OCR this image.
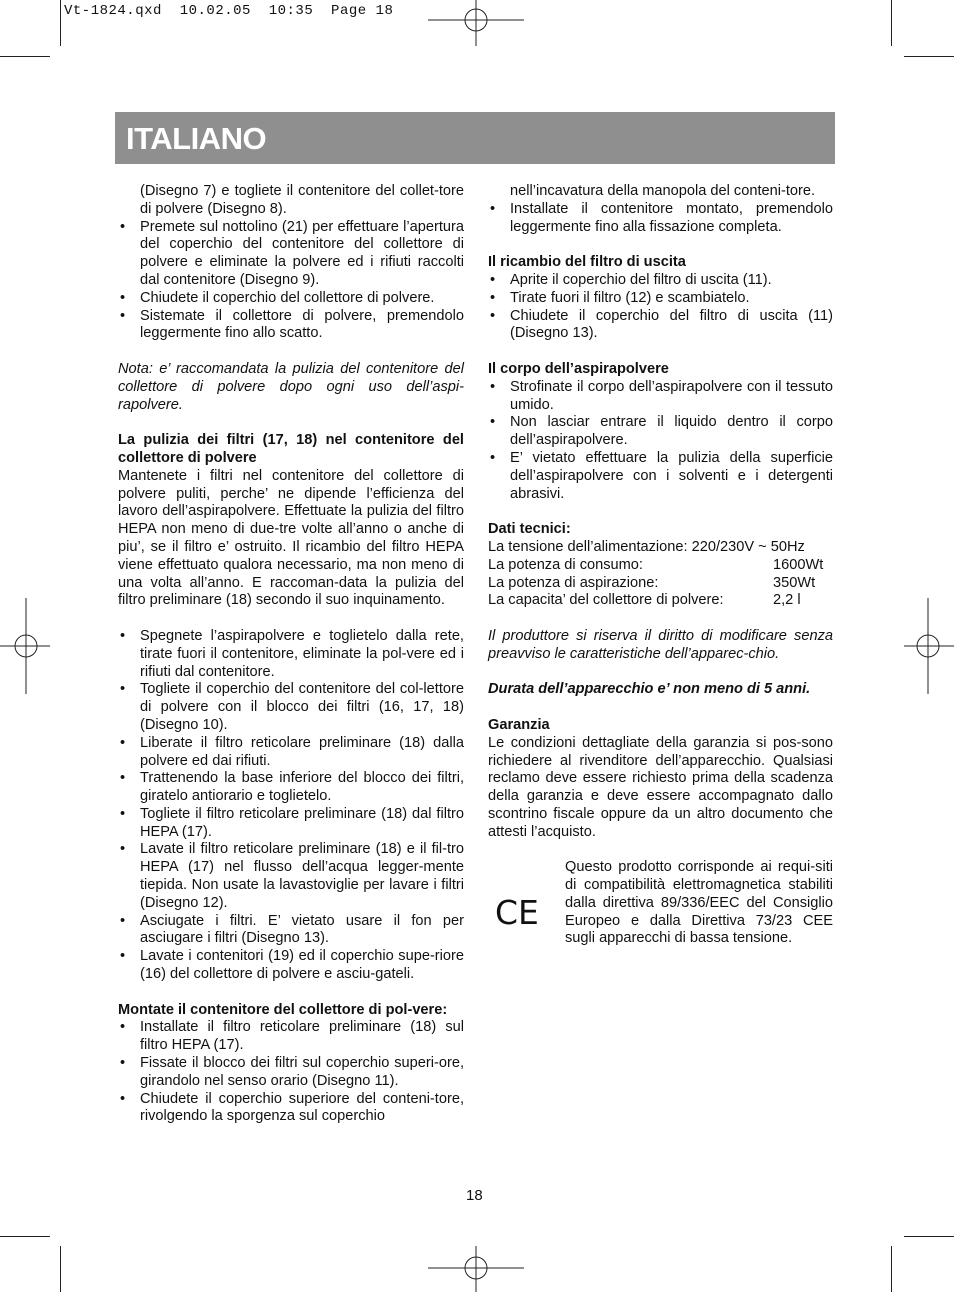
Vt-1824.qxd  10.02.05  10:35  Page 18
ITALIANO

(Disegno 7) e togliete il contenitore del collet-tore di polvere (Disegno 8).

• Premete sul nottolino (21) per effettuare l’apertura del coperchio del contenitore del collettore di polvere e eliminate la polvere ed i rifiuti raccolti dal contenitore (Disegno 9).

• Chiudete il coperchio del collettore di polvere.

• Sistemate il collettore di polvere, premendolo leggermente fino allo scatto.

Nota: e’ raccomandata la pulizia del contenitore del collettore di polvere dopo ogni uso dell’aspi-rapolvere.

La pulizia dei filtri (17, 18) nel contenitore del collettore di polvere

Mantenete i filtri nel contenitore del collettore di polvere puliti, perche’ ne dipende l’efficienza del lavoro dell’aspirapolvere. Effettuate la pulizia del filtro HEPA non meno di due-tre volte all’anno o anche di piu’, se il filtro e’ ostruito. Il ricambio del filtro HEPA viene effettuato qualora necessario, ma non meno di una volta all’anno. E raccoman-data la pulizia del filtro preliminare (18) secondo il suo inquinamento.

• Spegnete l’aspirapolvere e toglietelo dalla rete, tirate fuori il contenitore, eliminate la pol-vere ed i rifiuti dal contenitore.

• Togliete il coperchio del contenitore del col-lettore di polvere con il blocco dei filtri (16, 17, 18) (Disegno 10).

• Liberate il filtro reticolare preliminare (18) dalla polvere ed dai rifiuti.

• Trattenendo la base inferiore del blocco dei filtri, giratelo antiorario e toglietelo.

• Togliete il filtro reticolare preliminare (18) dal filtro HEPA (17).

• Lavate il filtro reticolare preliminare (18) e il fil-tro HEPA (17) nel flusso dell’acqua legger-mente tiepida. Non usate la lavastoviglie per lavare i filtri (Disegno 12).

• Asciugate i filtri. E’ vietato usare il fon per asciugare i filtri (Disegno 13).

• Lavate i contenitori (19) ed il coperchio supe-riore (16) del collettore di polvere e asciu-gateli.

Montate il contenitore del collettore di pol-vere:

• Installate il filtro reticolare preliminare (18) sul filtro HEPA (17).

• Fissate il blocco dei filtri sul coperchio superi-ore, girandolo nel senso orario (Disegno 11).

• Chiudete il coperchio superiore del conteni-tore, rivolgendo la sporgenza sul coperchio

nell’incavatura della manopola del conteni-tore.

• Installate il contenitore montato, premendolo leggermente fino alla fissazione completa.

Il ricambio del filtro di uscita

• Aprite il coperchio del filtro di uscita (11).

• Tirate fuori il filtro (12) e scambiatelo.

• Chiudete il coperchio del filtro di uscita (11) (Disegno 13).

Il corpo dell’aspirapolvere

• Strofinate il corpo dell’aspirapolvere con il tessuto umido.

• Non lasciar entrare il liquido dentro il corpo dell’aspirapolvere.

• E’ vietato effettuare la pulizia della superficie dell’aspirapolvere con i solventi e i detergenti abrasivi.

Dati tecnici:

La tensione dell’alimentazione: 220/230V ~ 50Hz

La potenza di consumo:	1600Wt

La potenza di aspirazione:	350Wt

La capacita’ del collettore di polvere:	2,2 l

Il produttore si riserva il diritto di modificare senza preavviso le caratteristiche dell’apparec-chio.

Durata dell’apparecchio e’ non meno di 5 anni.

Garanzia

Le condizioni dettagliate della garanzia si pos-sono richiedere al rivenditore dell’apparecchio. Qualsiasi reclamo deve essere richiesto prima della scadenza della garanzia e deve essere accompagnato dallo scontrino fiscale oppure da un altro documento che attesti l’acquisto.

CE

Questo prodotto corrisponde ai requi-siti di compatibilità elettromagnetica stabiliti dalla direttiva 89/336/EEC del Consiglio Europeo e dalla Direttiva 73/23 CEE sugli apparecchi di bassa tensione.

18
